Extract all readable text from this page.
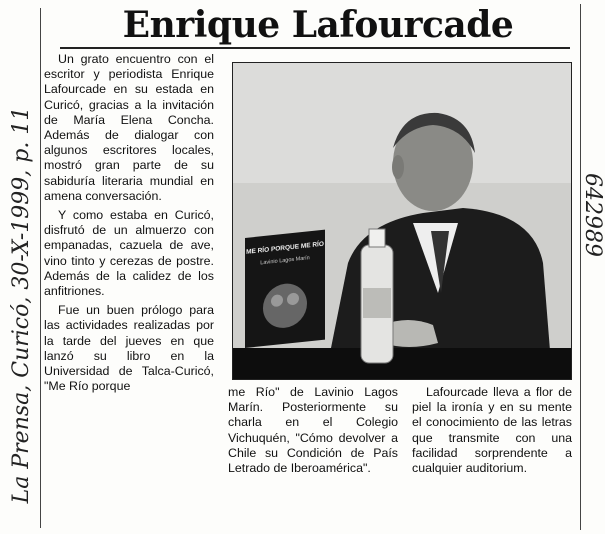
Enrique Lafourcade

Un grato encuentro con el escritor y periodista Enrique Lafourcade en su estada en Curicó, gracias a la invitación de María Elena Concha. Además de dialogar con algunos escritores locales, mostró gran parte de su sabiduría literaria mundial en amena conversación.

Y como estaba en Curicó, disfrutó de un almuerzo con empanadas, cazuela de ave, vino tinto y cerezas de postre. Además de la calidez de los anfitriones.

Fue un buen prólogo para las actividades realizadas por la tarde del jueves en que lanzó su libro en la Universidad de Talca-Curicó, "Me Río porque

ME RÍO PORQUE ME RÍO
Lavinio Lagos Marín

me Río" de Lavinio Lagos Marín. Posteriormente su charla en el Colegio Vichuquén, "Cómo devolver a Chile su Condición de País Letrado de Iberoamérica".

Lafourcade lleva a flor de piel la ironía y en su mente el conocimiento de las letras que transmite con una facilidad sorprendente a cualquier auditorium.

La Prensa, Curicó, 30-X-1999, p. 11	642989
